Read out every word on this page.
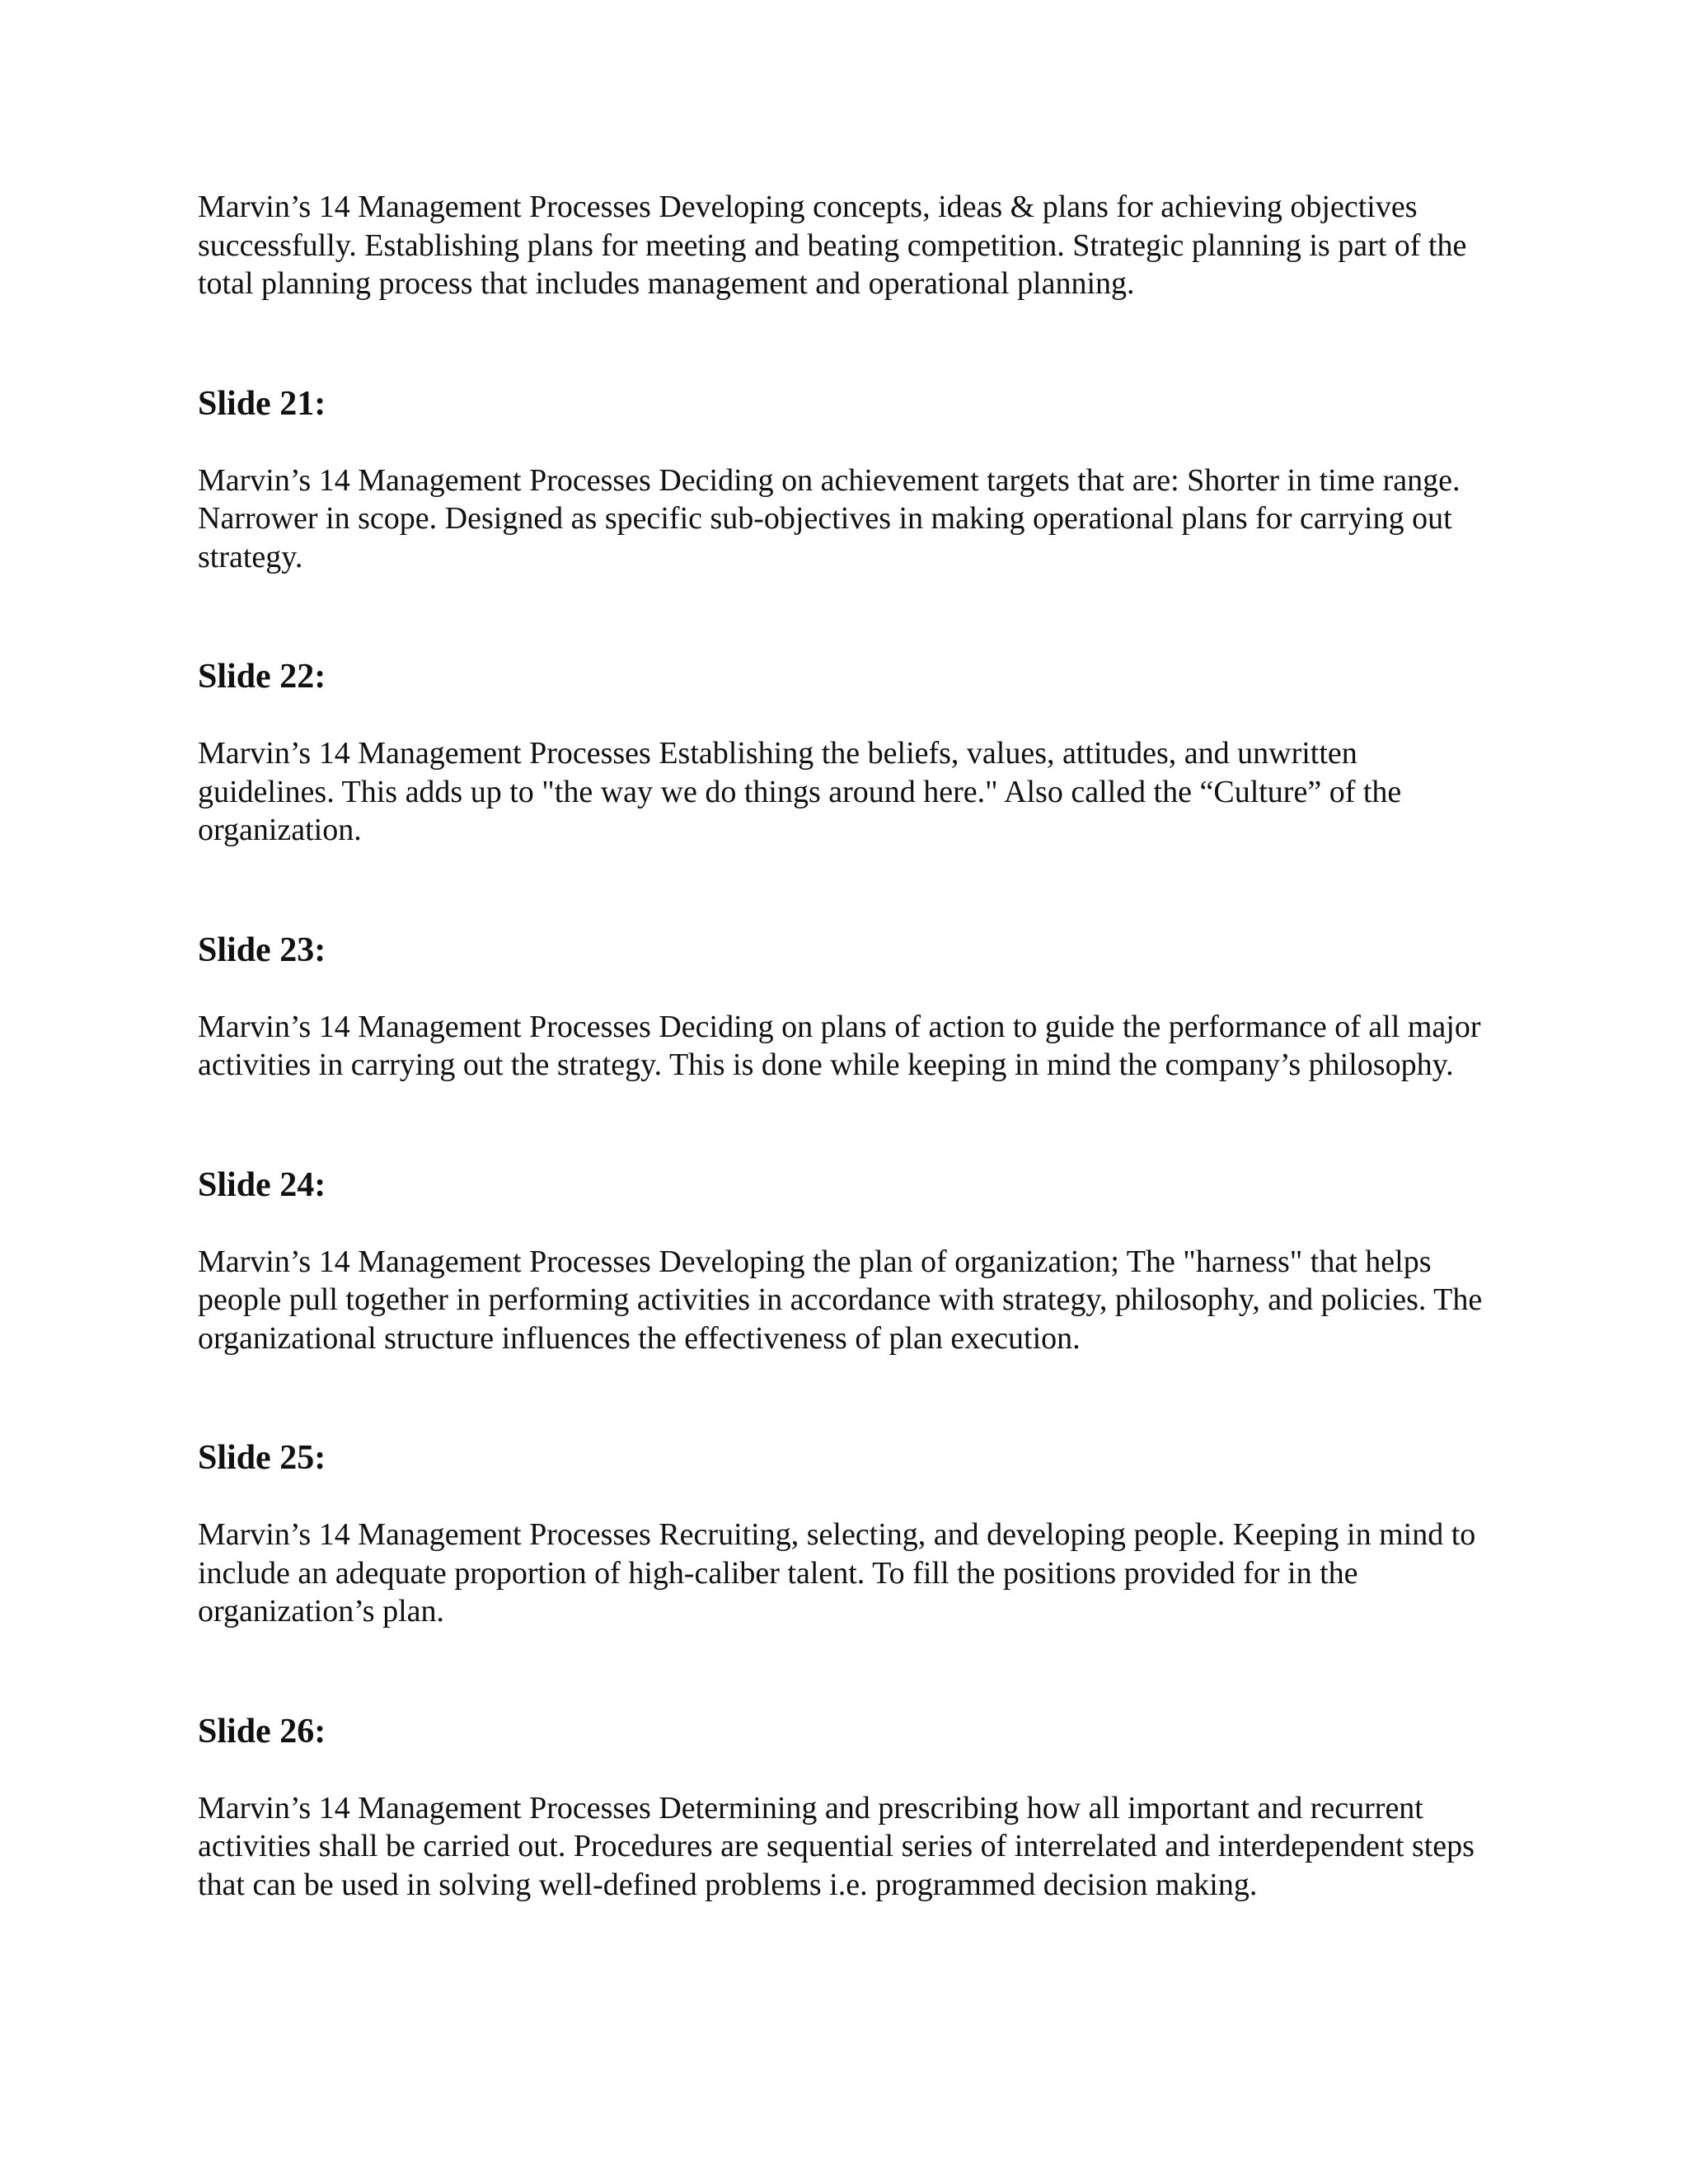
Marvin’s 14 Management Processes Developing concepts, ideas & plans for achieving objectives successfully. Establishing plans for meeting and beating competition. Strategic planning is part of the total planning process that includes management and operational planning.

Slide 21:

Marvin’s 14 Management Processes Deciding on achievement targets that are: Shorter in time range. Narrower in scope. Designed as specific sub-objectives in making operational plans for carrying out strategy.

Slide 22:

Marvin’s 14 Management Processes Establishing the beliefs, values, attitudes, and unwritten guidelines. This adds up to "the way we do things around here." Also called the “Culture” of the organization.

Slide 23:

Marvin’s 14 Management Processes Deciding on plans of action to guide the performance of all major activities in carrying out the strategy. This is done while keeping in mind the company’s philosophy.

Slide 24:

Marvin’s 14 Management Processes Developing the plan of organization; The "harness" that helps people pull together in performing activities in accordance with strategy, philosophy, and policies. The organizational structure influences the effectiveness of plan execution.

Slide 25:

Marvin’s 14 Management Processes Recruiting, selecting, and developing people. Keeping in mind to include an adequate proportion of high-caliber talent. To fill the positions provided for in the organization’s plan.

Slide 26:

Marvin’s 14 Management Processes Determining and prescribing how all important and recurrent activities shall be carried out. Procedures are sequential series of interrelated and interdependent steps that can be used in solving well-defined problems i.e. programmed decision making.
